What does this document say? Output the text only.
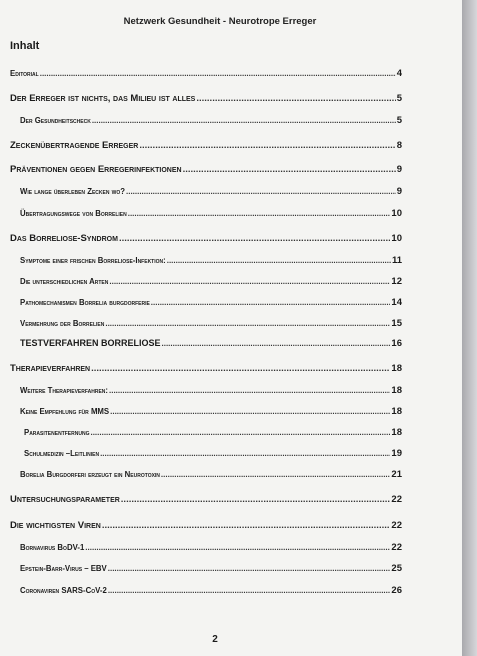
Netzwerk Gesundheit - Neurotrope Erreger
Inhalt
Editorial .....	4
Der Erreger ist nichts, das Milieu ist alles .....	5
Der Gesundheitscheck .....	5
Zeckenübertragende Erreger .....	8
Präventionen gegen Erregerinfektionen .....	9
Wie lange überleben Zecken wo? .....	9
Übertragungswege von Borrelien .....	10
Das Borreliose-Syndrom .....	10
Symptome einer frischen Borreliose-Infektion: .....	11
Die unterschiedlichen Arten .....	12
Pathomechanismen Borrelia burgdorferie .....	14
Vermehrung der Borrelien .....	15
TESTVERFAHREN BORRELIOSE .....	16
Therapieverfahren .....	18
Weitere Therapieverfahren: .....	18
Keine Empfehlung für MMS .....	18
Parasitenentfernung .....	18
Schulmedizin –Leitlinien .....	19
Borelia Burgdorferi erzeugt ein Neurotoxin .....	21
Untersuchungsparameter .....	22
Die wichtigsten Viren .....	22
Bornavirus BoDV-1 .....	22
Epstein-Barr-Virus – EBV .....	25
Coronaviren SARS-CoV-2 .....	26
2
